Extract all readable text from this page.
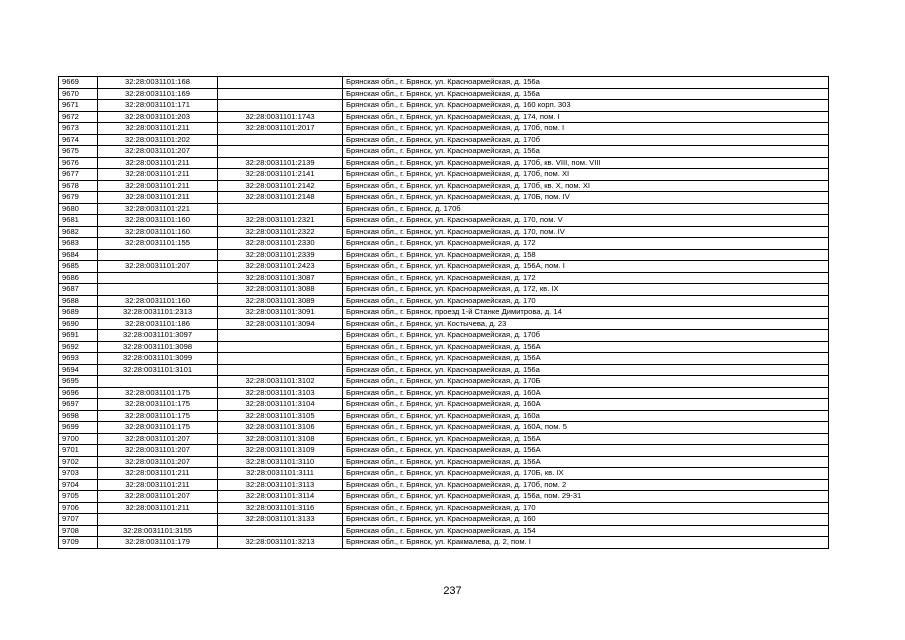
9669	32:28:0031101:168		Брянская обл., г. Брянск, ул. Красноармейская, д. 156а
9670	32:28:0031101:169		Брянская обл., г. Брянск, ул. Красноармейская, д. 156а
9671	32:28:0031101:171		Брянская обл., г. Брянск, ул. Красноармейская, д. 160 корп. 303
9672	32:28:0031101:203	32:28:0031101:1743	Брянская обл., г. Брянск, ул. Красноармейская, д. 174, пом. I
9673	32:28:0031101:211	32:28:0031101:2017	Брянская обл., г. Брянск, ул. Красноармейская, д. 170б, пом. I
9674	32:28:0031101:202		Брянская обл., г. Брянск, ул. Красноармейская, д. 170б
9675	32:28:0031101:207		Брянская обл., г. Брянск, ул. Красноармейская, д. 156а
9676	32:28:0031101:211	32:28:0031101:2139	Брянская обл., г. Брянск, ул. Красноармейская, д. 170б, кв. VIII, пом. VIII
9677	32:28:0031101:211	32:28:0031101:2141	Брянская обл., г. Брянск, ул. Красноармейская, д. 170б, пом. XI
9678	32:28:0031101:211	32:28:0031101:2142	Брянская обл., г. Брянск, ул. Красноармейская, д. 170б, кв. X, пом. XI
9679	32:28:0031101:211	32:28:0031101:2148	Брянская обл., г. Брянск, ул. Красноармейская, д. 170Б, пом. IV
9680	32:28:0031101:221		Брянская обл., г. Брянск, д. 170б
9681	32:28:0031101:160	32:28:0031101:2321	Брянская обл., г. Брянск, ул. Красноармейская, д. 170, пом. V
9682	32:28:0031101:160	32:28:0031101:2322	Брянская обл., г. Брянск, ул. Красноармейская, д. 170, пом. IV
9683	32:28:0031101:155	32:28:0031101:2330	Брянская обл., г. Брянск, ул. Красноармейская, д. 172
9684		32:28:0031101:2339	Брянская обл., г. Брянск, ул. Красноармейская, д. 158
9685	32:28:0031101:207	32:28:0031101:2423	Брянская обл., г. Брянск, ул. Красноармейская, д. 156А, пом. I
9686		32:28:0031101:3087	Брянская обл., г. Брянск, ул. Красноармейская, д. 172
9687		32:28:0031101:3088	Брянская обл., г. Брянск, ул. Красноармейская, д. 172, кв. IX
9688	32:28:0031101:160	32:28:0031101:3089	Брянская обл., г. Брянск, ул. Красноармейская, д. 170
9689	32:28:0031101:2313	32:28:0031101:3091	Брянская обл., г. Брянск, проезд 1-й Станке Димитрова, д. 14
9690	32:28:0031101:186	32:28:0031101:3094	Брянская обл., г. Брянск, ул. Костычева, д. 23
9691	32:28:0031101:3097		Брянская обл., г. Брянск, ул. Красноармейская, д. 170б
9692	32:28:0031101:3098		Брянская обл., г. Брянск, ул. Красноармейская, д. 156А
9693	32:28:0031101:3099		Брянская обл., г. Брянск, ул. Красноармейская, д. 156А
9694	32:28:0031101:3101		Брянская обл., г. Брянск, ул. Красноармейская, д. 156а
9695		32:28:0031101:3102	Брянская обл., г. Брянск, ул. Красноармейская, д. 170Б
9696	32:28:0031101:175	32:28:0031101:3103	Брянская обл., г. Брянск, ул. Красноармейская, д. 160А
9697	32:28:0031101:175	32:28:0031101:3104	Брянская обл., г. Брянск, ул. Красноармейская, д. 160А
9698	32:28:0031101:175	32:28:0031101:3105	Брянская обл., г. Брянск, ул. Красноармейская, д. 160а
9699	32:28:0031101:175	32:28:0031101:3106	Брянская обл., г. Брянск, ул. Красноармейская, д. 160А, пом. 5
9700	32:28:0031101:207	32:28:0031101:3108	Брянская обл., г. Брянск, ул. Красноармейская, д. 156А
9701	32:28:0031101:207	32:28:0031101:3109	Брянская обл., г. Брянск, ул. Красноармейская, д. 156А
9702	32:28:0031101:207	32:28:0031101:3110	Брянская обл., г. Брянск, ул. Красноармейская, д. 156А
9703	32:28:0031101:211	32:28:0031101:3111	Брянская обл., г. Брянск, ул. Красноармейская, д. 170Б, кв. IX
9704	32:28:0031101:211	32:28:0031101:3113	Брянская обл., г. Брянск, ул. Красноармейская, д. 170б, пом. 2
9705	32:28:0031101:207	32:28:0031101:3114	Брянская обл., г. Брянск, ул. Красноармейская, д. 156а, пом. 29-31
9706	32:28:0031101:211	32:28:0031101:3116	Брянская обл., г. Брянск, ул. Красноармейская, д. 170
9707		32:28:0031101:3133	Брянская обл., г. Брянск, ул. Красноармейская, д. 160
9708	32:28:0031101:3155		Брянская обл., г. Брянск, ул. Красноармейская, д. 154
9709	32:28:0031101:179	32:28:0031101:3213	Брянская обл., г. Брянск, ул. Кракмалева, д. 2, пом. I
237
